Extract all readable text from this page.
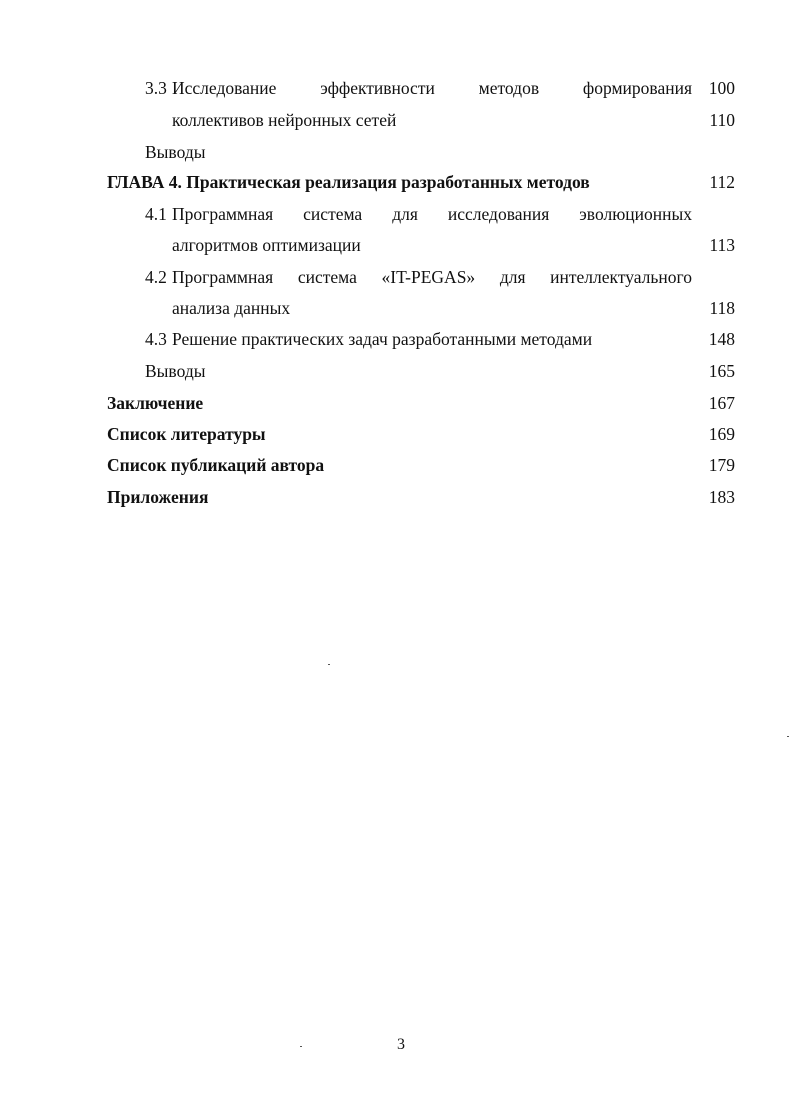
3.3 Исследование эффективности методов формирования 100
коллективов нейронных сетей	110
Выводы
ГЛАВА 4. Практическая реализация разработанных методов	112
4.1 Программная система для исследования эволюционных
алгоритмов оптимизации	113
4.2 Программная система «IT-PEGAS» для интеллектуального
анализа данных	118
4.3 Решение практических задач разработанными методами	148
Выводы	165
Заключение	167
Список литературы	169
Список публикаций автора	179
Приложения	183
3
